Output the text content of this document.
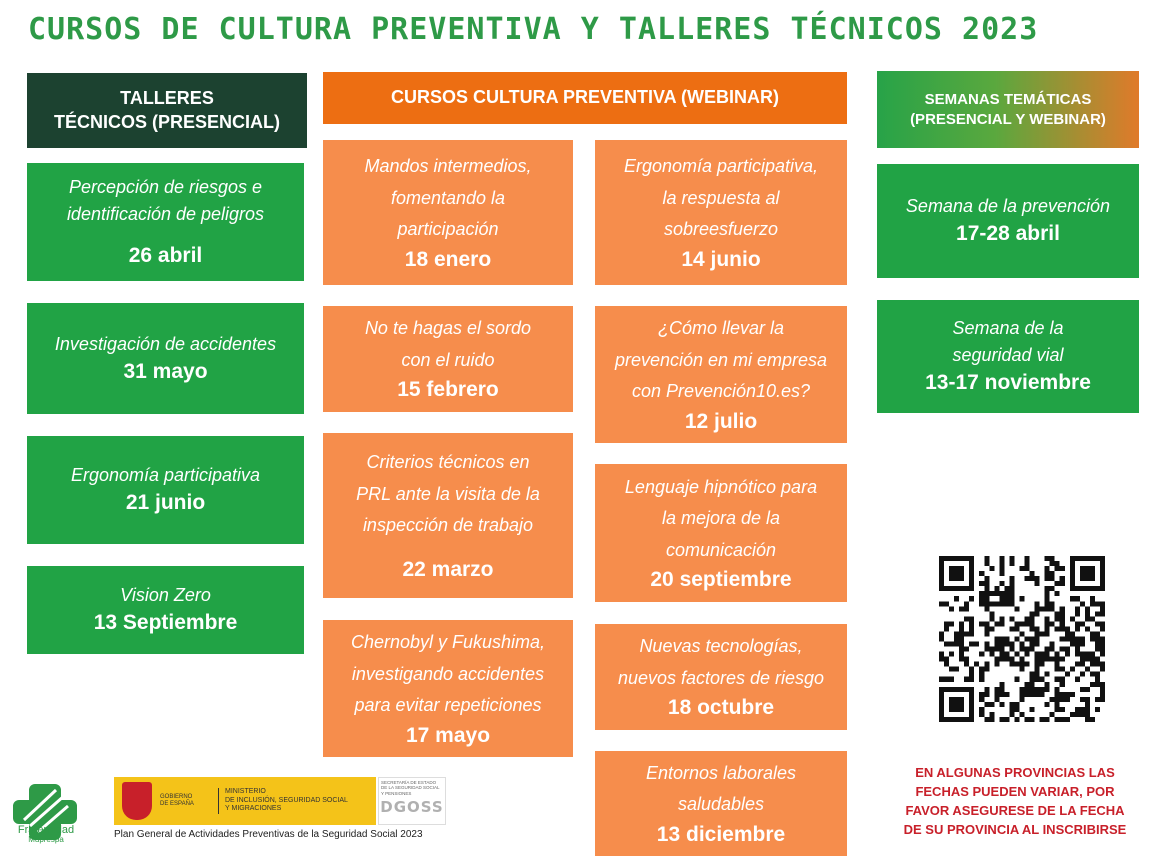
CURSOS DE CULTURA PREVENTIVA Y TALLERES TÉCNICOS 2023
TALLERES
TÉCNICOS (PRESENCIAL)
CURSOS CULTURA PREVENTIVA (WEBINAR)	SEMANAS TEMÁTICAS
(PRESENCIAL Y WEBINAR)
Percepción de riesgos e
identificación de peligros
26 abril
Investigación de accidentes
31 mayo
Ergonomía participativa
21 junio
Vision Zero
13 Septiembre
Mandos intermedios,
fomentando la
participación
18 enero
No te hagas el sordo
con el ruido
15 febrero
Criterios técnicos en
PRL ante la visita de la
inspección de trabajo
22 marzo
Chernobyl y Fukushima,
investigando accidentes
para evitar repeticiones
17 mayo
Ergonomía participativa,
la respuesta al
sobreesfuerzo
14 junio
¿Cómo llevar la
prevención en mi empresa
con Prevención10.es?
12 julio
Lenguaje hipnótico para
la mejora de la
comunicación
20 septiembre
Nuevas tecnologías,
nuevos factores de riesgo
18 octubre
Entornos laborales
saludables
13 diciembre
Semana de la prevención
17-28 abril
Semana de la
seguridad vial
13-17 noviembre
EN ALGUNAS PROVINCIAS LAS
FECHAS PUEDEN VARIAR, POR
FAVOR ASEGURESE DE LA FECHA
DE SU PROVINCIA AL INSCRIBIRSE
Fraternidad
Muprespa
GOBIERNO
DE ESPAÑA
MINISTERIO
DE INCLUSIÓN, SEGURIDAD SOCIAL
Y MIGRACIONES
SECRETARÍA DE ESTADO
DE LA SEGURIDAD SOCIAL
Y PENSIONES
DGOSS
Plan General de Actividades Preventivas de la Seguridad Social 2023
